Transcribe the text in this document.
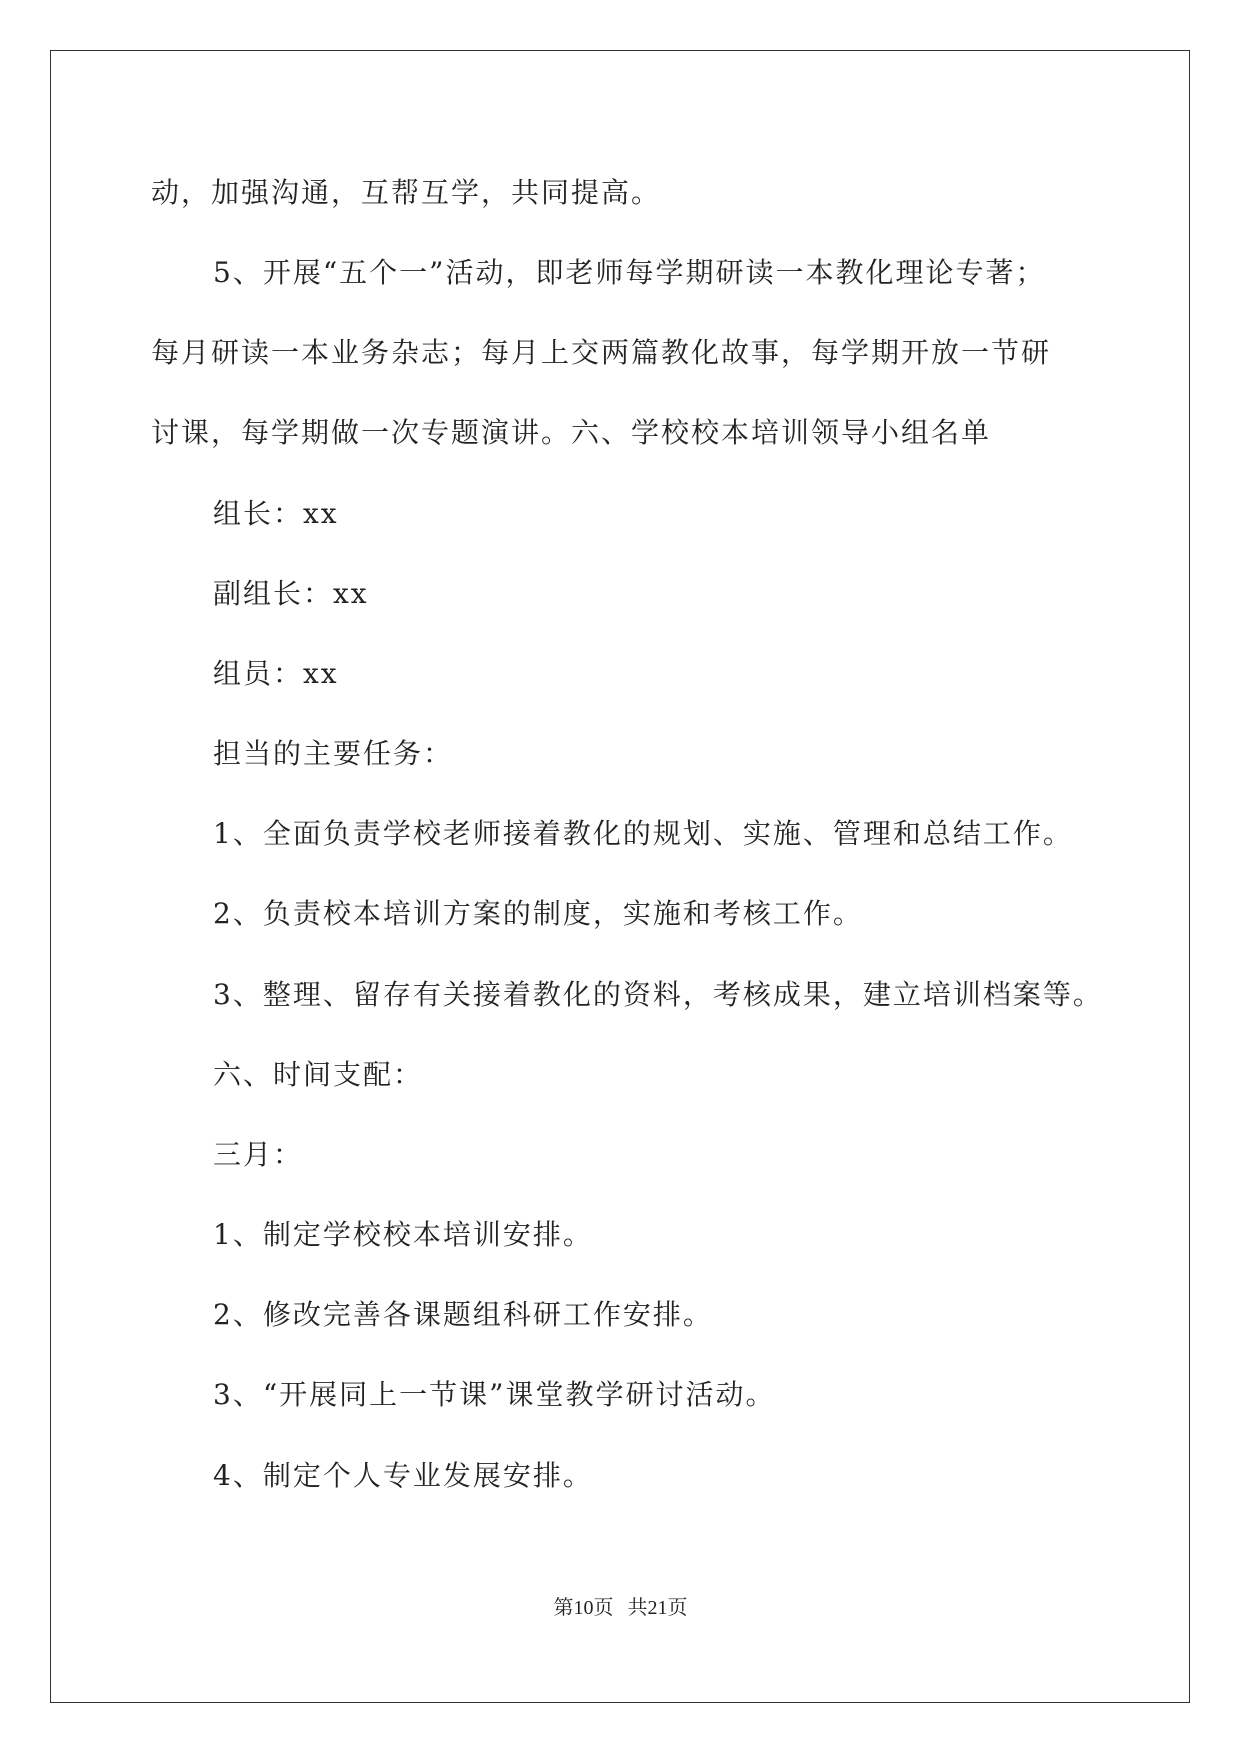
动，加强沟通，互帮互学，共同提高。
5、开展“五个一”活动，即老师每学期研读一本教化理论专著；
每月研读一本业务杂志；每月上交两篇教化故事，每学期开放一节研
讨课，每学期做一次专题演讲。六、学校校本培训领导小组名单
组长：xx
副组长：xx
组员：xx
担当的主要任务：
1、全面负责学校老师接着教化的规划、实施、管理和总结工作。
2、负责校本培训方案的制度，实施和考核工作。
3、整理、留存有关接着教化的资料，考核成果，建立培训档案等。
六、时间支配：
三月：
1、制定学校校本培训安排。
2、修改完善各课题组科研工作安排。
3、“开展同上一节课”课堂教学研讨活动。
4、制定个人专业发展安排。
第10页 共21页
